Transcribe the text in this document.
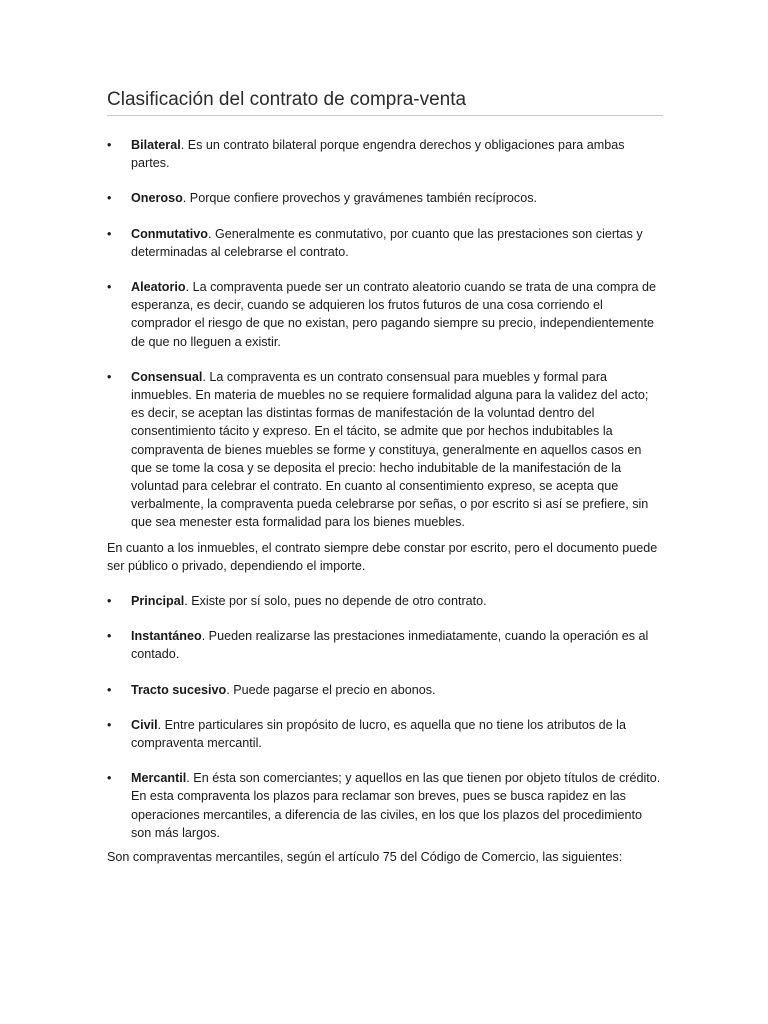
Clasificación del contrato de compra-venta
• Bilateral. Es un contrato bilateral porque engendra derechos y obligaciones para ambas partes.
• Oneroso. Porque confiere provechos y gravámenes también recíprocos.
• Conmutativo. Generalmente es conmutativo, por cuanto que las prestaciones son ciertas y determinadas al celebrarse el contrato.
• Aleatorio. La compraventa puede ser un contrato aleatorio cuando se trata de una compra de esperanza, es decir, cuando se adquieren los frutos futuros de una cosa corriendo el comprador el riesgo de que no existan, pero pagando siempre su precio, independientemente de que no lleguen a existir.
• Consensual. La compraventa es un contrato consensual para muebles y formal para inmuebles. En materia de muebles no se requiere formalidad alguna para la validez del acto; es decir, se aceptan las distintas formas de manifestación de la voluntad dentro del consentimiento tácito y expreso. En el tácito, se admite que por hechos indubitables la compraventa de bienes muebles se forme y constituya, generalmente en aquellos casos en que se tome la cosa y se deposita el precio: hecho indubitable de la manifestación de la voluntad para celebrar el contrato. En cuanto al consentimiento expreso, se acepta que verbalmente, la compraventa pueda celebrarse por señas, o por escrito si así se prefiere, sin que sea menester esta formalidad para los bienes muebles.

En cuanto a los inmuebles, el contrato siempre debe constar por escrito, pero el documento puede ser público o privado, dependiendo el importe.

• Principal. Existe por sí solo, pues no depende de otro contrato.
• Instantáneo. Pueden realizarse las prestaciones inmediatamente, cuando la operación es al contado.
• Tracto sucesivo. Puede pagarse el precio en abonos.
• Civil. Entre particulares sin propósito de lucro, es aquella que no tiene los atributos de la compraventa mercantil.
• Mercantil. En ésta son comerciantes; y aquellos en las que tienen por objeto títulos de crédito. En esta compraventa los plazos para reclamar son breves, pues se busca rapidez en las operaciones mercantiles, a diferencia de las civiles, en los que los plazos del procedimiento son más largos.

Son compraventas mercantiles, según el artículo 75 del Código de Comercio, las siguientes:
